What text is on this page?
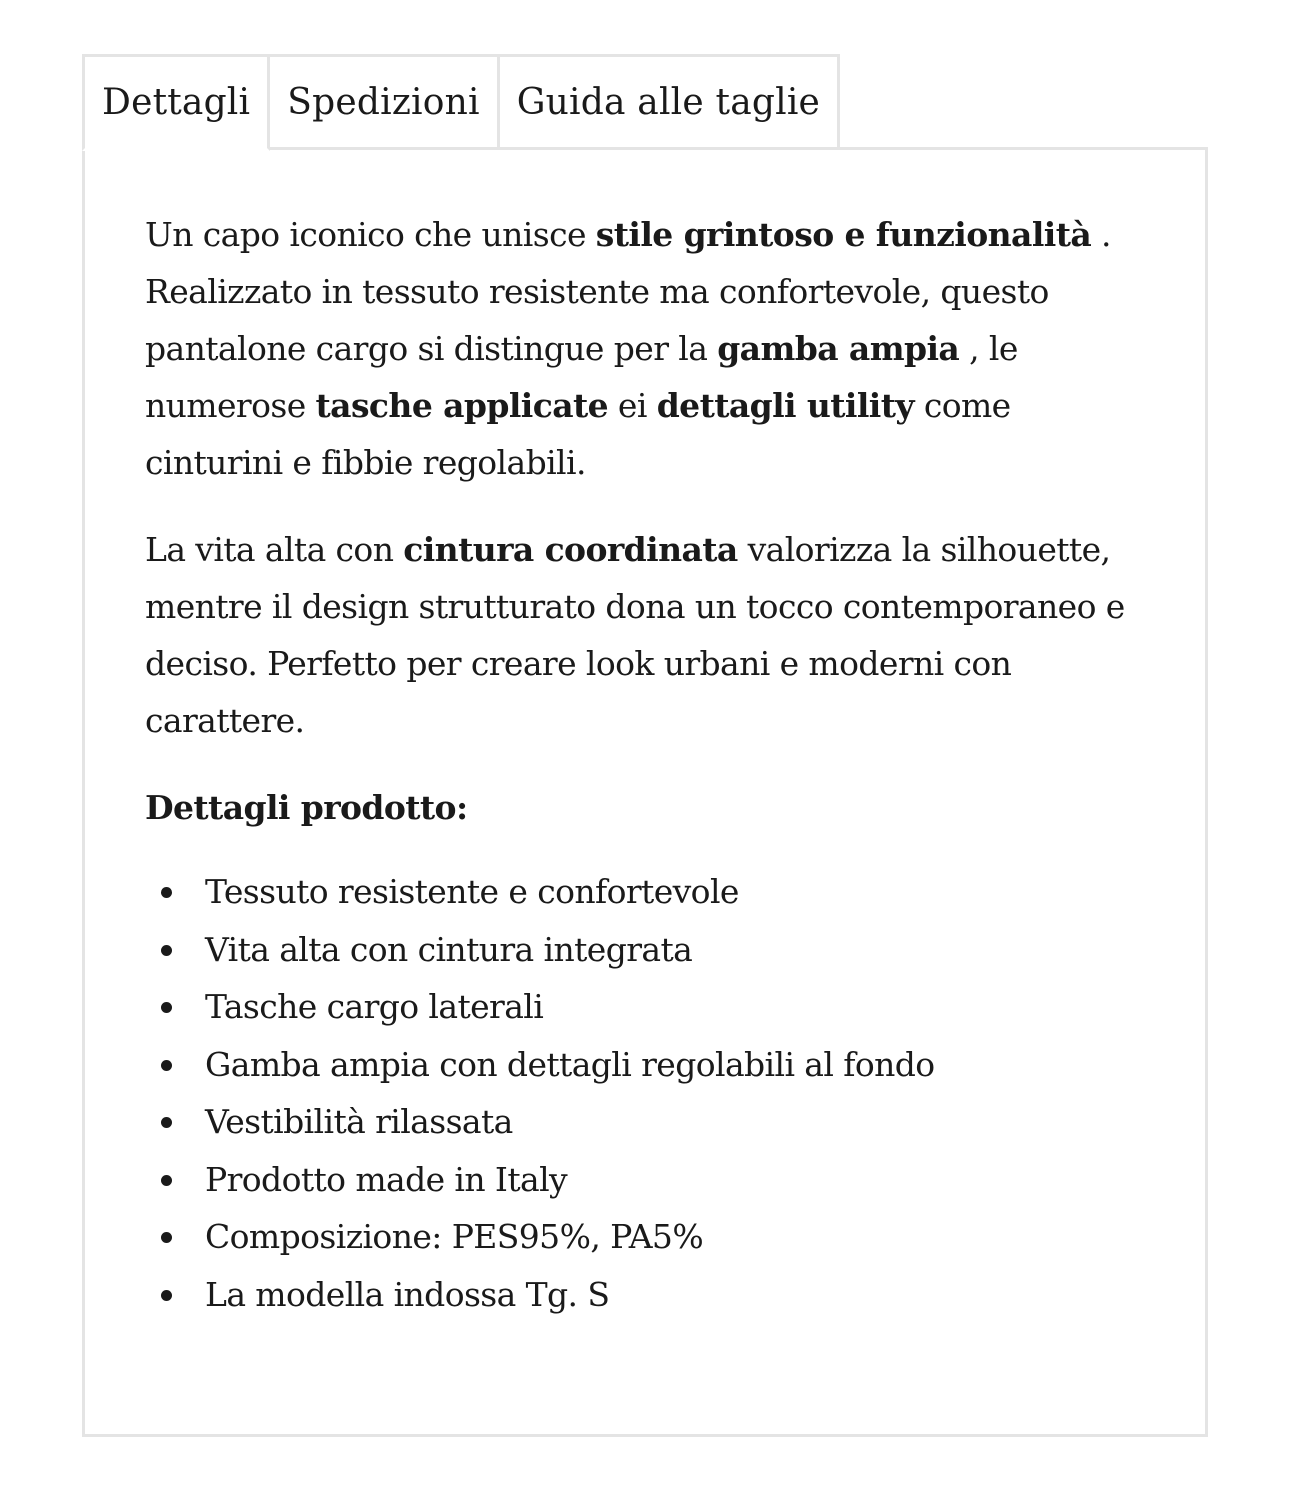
Dettagli	Spedizioni	Guida alle taglie

Un capo iconico che unisce stile grintoso e funzionalità . Realizzato in tessuto resistente ma confortevole, questo pantalone cargo si distingue per la gamba ampia , le numerose tasche applicate ei dettagli utility come cinturini e fibbie regolabili.

La vita alta con cintura coordinata valorizza la silhouette, mentre il design strutturato dona un tocco contemporaneo e deciso. Perfetto per creare look urbani e moderni con carattere.

Dettagli prodotto:
Tessuto resistente e confortevole
Vita alta con cintura integrata
Tasche cargo laterali
Gamba ampia con dettagli regolabili al fondo
Vestibilità rilassata
Prodotto made in Italy
Composizione: PES95%, PA5%
La modella indossa Tg. S
